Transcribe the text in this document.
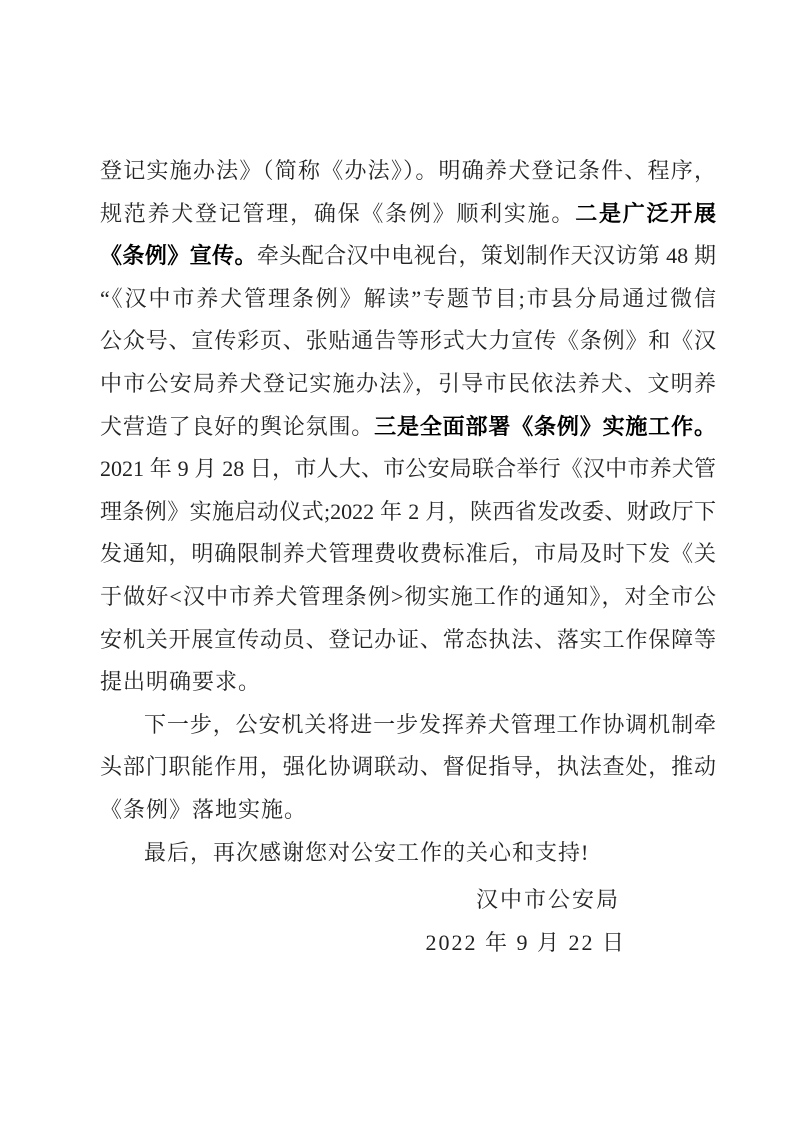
登记实施办法》（简称《办法》）。明确养犬登记条件、程序，
规范养犬登记管理，确保《条例》顺利实施。二是广泛开展
《条例》宣传。牵头配合汉中电视台，策划制作天汉访第 48 期
“《汉中市养犬管理条例》解读”专题节目;市县分局通过微信
公众号、宣传彩页、张贴通告等形式大力宣传《条例》和《汉
中市公安局养犬登记实施办法》，引导市民依法养犬、文明养
犬营造了良好的舆论氛围。三是全面部署《条例》实施工作。
2021 年 9 月 28 日，市人大、市公安局联合举行《汉中市养犬管
理条例》实施启动仪式;2022 年 2 月，陕西省发改委、财政厅下
发通知，明确限制养犬管理费收费标准后，市局及时下发《关
于做好<汉中市养犬管理条例>彻实施工作的通知》，对全市公
安机关开展宣传动员、登记办证、常态执法、落实工作保障等
提出明确要求。
下一步，公安机关将进一步发挥养犬管理工作协调机制牵
头部门职能作用，强化协调联动、督促指导，执法查处，推动
《条例》落地实施。
最后，再次感谢您对公安工作的关心和支持!
汉中市公安局
2022 年 9 月 22 日
